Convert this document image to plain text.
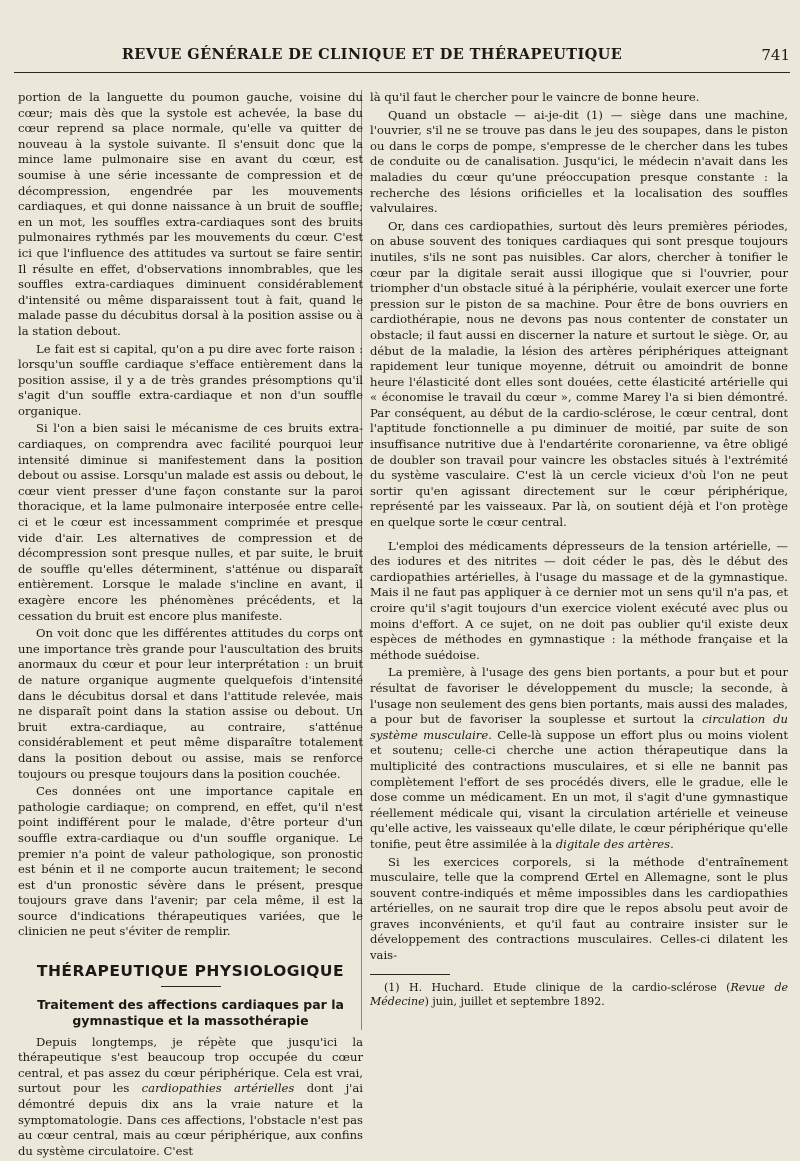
REVUE GÉNÉRALE DE CLINIQUE ET DE THÉRAPEUTIQUE	741

portion de la languette du poumon gauche, voisine du cœur; mais dès que la systole est achevée, la base du cœur reprend sa place normale, qu'elle va quitter de nouveau à la systole suivante. Il s'ensuit donc que la mince lame pulmonaire sise en avant du cœur, est soumise à une série incessante de compression et de décompression, engendrée par les mouvements cardiaques, et qui donne naissance à un bruit de souffle; en un mot, les souffles extra-cardiaques sont des bruits pulmonaires rythmés par les mouvements du cœur. C'est ici que l'influence des attitudes va surtout se faire sentir. Il résulte en effet, d'observations innombrables, que les souffles extra-cardiaques diminuent considérablement d'intensité ou même disparaissent tout à fait, quand le malade passe du décubitus dorsal à la position assise ou à la station debout.

Le fait est si capital, qu'on a pu dire avec forte raison : lorsqu'un souffle cardiaque s'efface entièrement dans la position assise, il y a de très grandes présomptions qu'il s'agit d'un souffle extra-cardiaque et non d'un souffle organique.

Si l'on a bien saisi le mécanisme de ces bruits extra-cardiaques, on comprendra avec facilité pourquoi leur intensité diminue si manifestement dans la position debout ou assise. Lorsqu'un malade est assis ou debout, le cœur vient presser d'une façon constante sur la paroi thoracique, et la lame pulmonaire interposée entre celle-ci et le cœur est incessamment comprimée et presque vide d'air. Les alternatives de compression et de décompression sont presque nulles, et par suite, le bruit de souffle qu'elles déterminent, s'atténue ou disparaît entièrement. Lorsque le malade s'incline en avant, il exagère encore les phénomènes précédents, et la cessation du bruit est encore plus manifeste.

On voit donc que les différentes attitudes du corps ont une importance très grande pour l'auscultation des bruits anormaux du cœur et pour leur interprétation : un bruit de nature organique augmente quelquefois d'intensité dans le décubitus dorsal et dans l'attitude relevée, mais ne disparaît point dans la station assise ou debout. Un bruit extra-cardiaque, au contraire, s'atténue considérablement et peut même disparaître totalement dans la position debout ou assise, mais se renforce toujours ou presque toujours dans la position couchée.

Ces données ont une importance capitale en pathologie cardiaque; on comprend, en effet, qu'il n'est point indifférent pour le malade, d'être porteur d'un souffle extra-cardiaque ou d'un souffle organique. Le premier n'a point de valeur pathologique, son pronostic est bénin et il ne comporte aucun traitement; le second est d'un pronostic sévère dans le présent, presque toujours grave dans l'avenir; par cela même, il est la source d'indications thérapeutiques variées, que le clinicien ne peut s'éviter de remplir.

THÉRAPEUTIQUE PHYSIOLOGIQUE
Traitement des affections cardiaques par la gymnastique et la massothérapie

Depuis longtemps, je répète que jusqu'ici la thérapeutique s'est beaucoup trop occupée du cœur central, et pas assez du cœur périphérique. Cela est vrai, surtout pour les cardiopathies artérielles dont j'ai démontré depuis dix ans la vraie nature et la symptomatologie. Dans ces affections, l'obstacle n'est pas au cœur central, mais au cœur périphérique, aux confins du système circulatoire. C'est

là qu'il faut le chercher pour le vaincre de bonne heure.

Quand un obstacle — ai-je-dit (1) — siège dans une machine, l'ouvrier, s'il ne se trouve pas dans le jeu des soupapes, dans le piston ou dans le corps de pompe, s'empresse de le chercher dans les tubes de conduite ou de canalisation. Jusqu'ici, le médecin n'avait dans les maladies du cœur qu'une préoccupation presque constante : la recherche des lésions orificielles et la localisation des souffles valvulaires.

Or, dans ces cardiopathies, surtout dès leurs premières périodes, on abuse souvent des toniques cardiaques qui sont presque toujours inutiles, s'ils ne sont pas nuisibles. Car alors, chercher à tonifier le cœur par la digitale serait aussi illogique que si l'ouvrier, pour triompher d'un obstacle situé à la périphérie, voulait exercer une forte pression sur le piston de sa machine. Pour être de bons ouvriers en cardiothérapie, nous ne devons pas nous contenter de constater un obstacle; il faut aussi en discerner la nature et surtout le siège. Or, au début de la maladie, la lésion des artères périphériques atteignant rapidement leur tunique moyenne, détruit ou amoindrit de bonne heure l'élasticité dont elles sont douées, cette élasticité artérielle qui « économise le travail du cœur », comme Marey l'a si bien démontré. Par conséquent, au début de la cardio-sclérose, le cœur central, dont l'aptitude fonctionnelle a pu diminuer de moitié, par suite de son insuffisance nutritive due à l'endartérite coronarienne, va être obligé de doubler son travail pour vaincre les obstacles situés à l'extrémité du système vasculaire. C'est là un cercle vicieux d'où l'on ne peut sortir qu'en agissant directement sur le cœur périphérique, représenté par les vaisseaux. Par là, on soutient déjà et l'on protège en quelque sorte le cœur central.

L'emploi des médicaments dépresseurs de la tension artérielle, — des iodures et des nitrites — doit céder le pas, dès le début des cardiopathies artérielles, à l'usage du massage et de la gymnastique. Mais il ne faut pas appliquer à ce dernier mot un sens qu'il n'a pas, et croire qu'il s'agit toujours d'un exercice violent exécuté avec plus ou moins d'effort. A ce sujet, on ne doit pas oublier qu'il existe deux espèces de méthodes en gymnastique : la méthode française et la méthode suédoise.

La première, à l'usage des gens bien portants, a pour but et pour résultat de favoriser le développement du muscle; la seconde, à l'usage non seulement des gens bien portants, mais aussi des malades, a pour but de favoriser la souplesse et surtout la circulation du système musculaire. Celle-là suppose un effort plus ou moins violent et soutenu; celle-ci cherche une action thérapeutique dans la multiplicité des contractions musculaires, et si elle ne bannit pas complètement l'effort de ses procédés divers, elle le gradue, elle le dose comme un médicament. En un mot, il s'agit d'une gymnastique réellement médicale qui, visant la circulation artérielle et veineuse qu'elle active, les vaisseaux qu'elle dilate, le cœur périphérique qu'elle tonifie, peut être assimilée à la digitale des artères.

Si les exercices corporels, si la méthode d'entraînement musculaire, telle que la comprend Œrtel en Allemagne, sont le plus souvent contre-indiqués et même impossibles dans les cardiopathies artérielles, on ne saurait trop dire que le repos absolu peut avoir de graves inconvénients, et qu'il faut au contraire insister sur le développement des contractions musculaires. Celles-ci dilatent les vais-

(1) H. Huchard. Etude clinique de la cardio-sclérose (Revue de Médecine) juin, juillet et septembre 1892.
